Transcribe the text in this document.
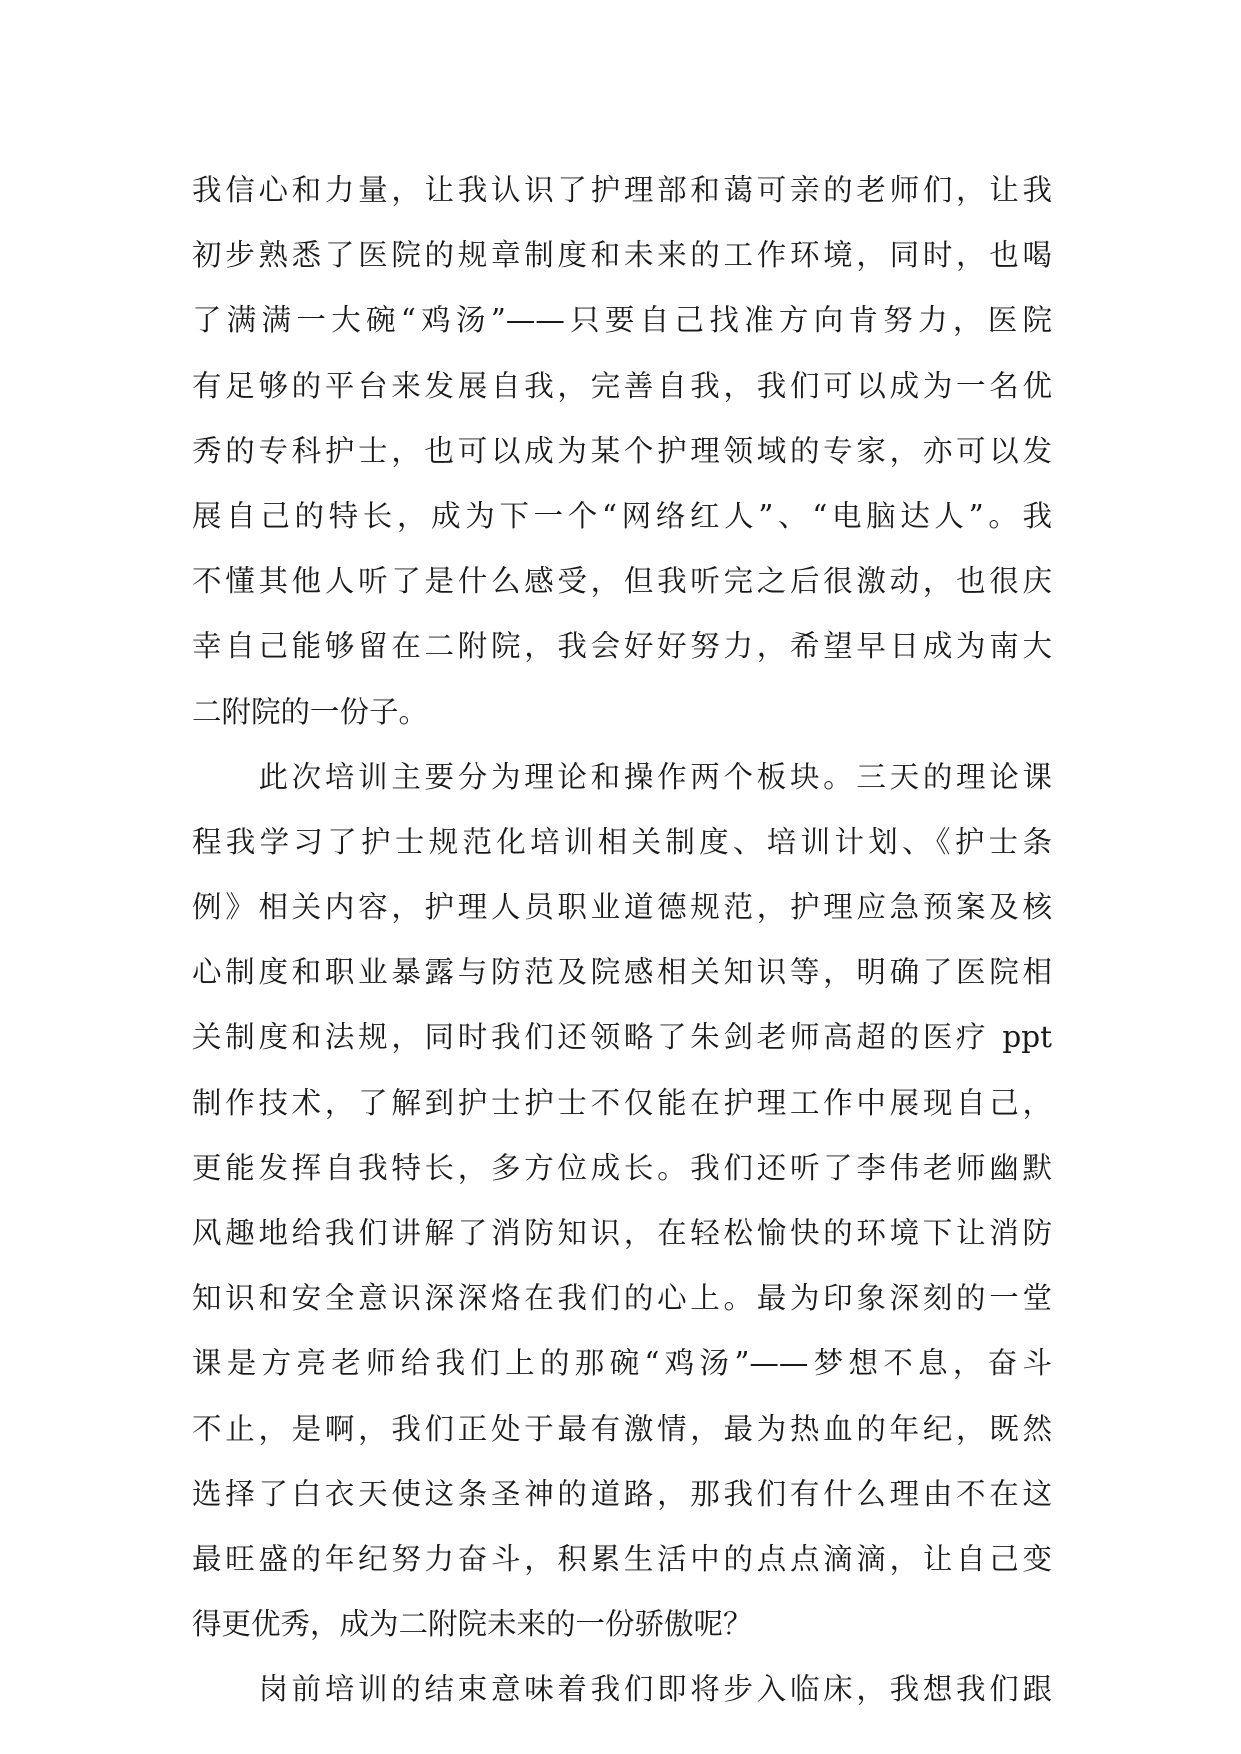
我信心和力量，让我认识了护理部和蔼可亲的老师们，让我
初步熟悉了医院的规章制度和未来的工作环境，同时，也喝
了满满一大碗“鸡汤”——只要自己找准方向肯努力，医院
有足够的平台来发展自我，完善自我，我们可以成为一名优
秀的专科护士，也可以成为某个护理领域的专家，亦可以发
展自己的特长，成为下一个“网络红人”、“电脑达人”。我
不懂其他人听了是什么感受，但我听完之后很激动，也很庆
幸自己能够留在二附院，我会好好努力，希望早日成为南大
二附院的一份子。
　　此次培训主要分为理论和操作两个板块。三天的理论课
程我学习了护士规范化培训相关制度、培训计划、《护士条
例》相关内容，护理人员职业道德规范，护理应急预案及核
心制度和职业暴露与防范及院感相关知识等，明确了医院相
关制度和法规，同时我们还领略了朱剑老师高超的医疗 ppt
制作技术，了解到护士护士不仅能在护理工作中展现自己，
更能发挥自我特长，多方位成长。我们还听了李伟老师幽默
风趣地给我们讲解了消防知识，在轻松愉快的环境下让消防
知识和安全意识深深烙在我们的心上。最为印象深刻的一堂
课是方亮老师给我们上的那碗“鸡汤”——梦想不息，奋斗
不止，是啊，我们正处于最有激情，最为热血的年纪，既然
选择了白衣天使这条圣神的道路，那我们有什么理由不在这
最旺盛的年纪努力奋斗，积累生活中的点点滴滴，让自己变
得更优秀，成为二附院未来的一份骄傲呢？
　　岗前培训的结束意味着我们即将步入临床，我想我们跟
